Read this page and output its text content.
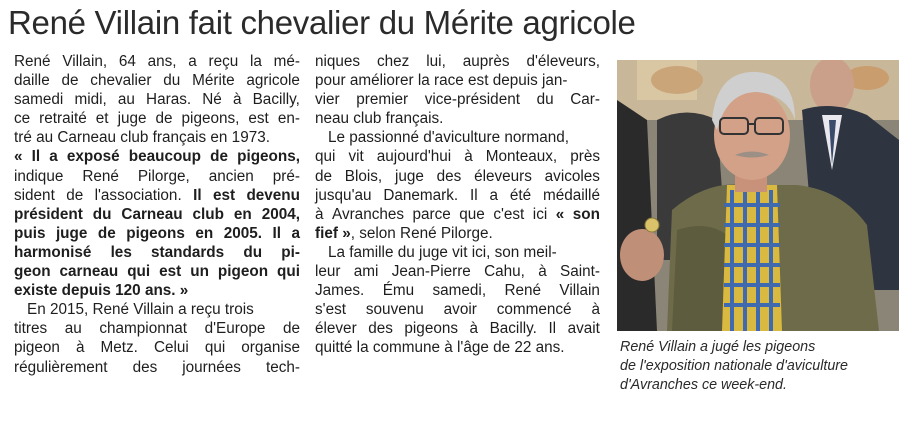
René Villain fait chevalier du Mérite agricole
René Villain, 64 ans, a reçu la mé-
daille de chevalier du Mérite agricole
samedi midi, au Haras. Né à Bacilly,
ce retraité et juge de pigeons, est en-
tré au Carneau club français en 1973.
« Il a exposé beaucoup de pigeons,
indique René Pilorge, ancien pré-
sident de l'association. Il est devenu
président du Carneau club en 2004,
puis juge de pigeons en 2005. Il a
harmonisé les standards du pi-
geon carneau qui est un pigeon qui
existe depuis 120 ans. »
En 2015, René Villain a reçu trois
titres au championnat d'Europe de
pigeon à Metz. Celui qui organise
régulièrement des journées tech-
niques chez lui, auprès d'éleveurs,
pour améliorer la race est depuis jan-
vier premier vice-président du Car-
neau club français.
Le passionné d'aviculture normand,
qui vit aujourd'hui à Monteaux, près
de Blois, juge des éleveurs avicoles
jusqu'au Danemark. Il a été médaillé
à Avranches parce que c'est ici « son
fief » , selon René Pilorge.
La famille du juge vit ici, son meil-
leur ami Jean-Pierre Cahu, à Saint-
James. Ému samedi, René Villain
s'est souvenu avoir commencé à
élever des pigeons à Bacilly. Il avait
quitté la commune à l'âge de 22 ans.	René Villain a jugé les pigeons
de l'exposition nationale d'aviculture
d'Avranches ce week-end.
